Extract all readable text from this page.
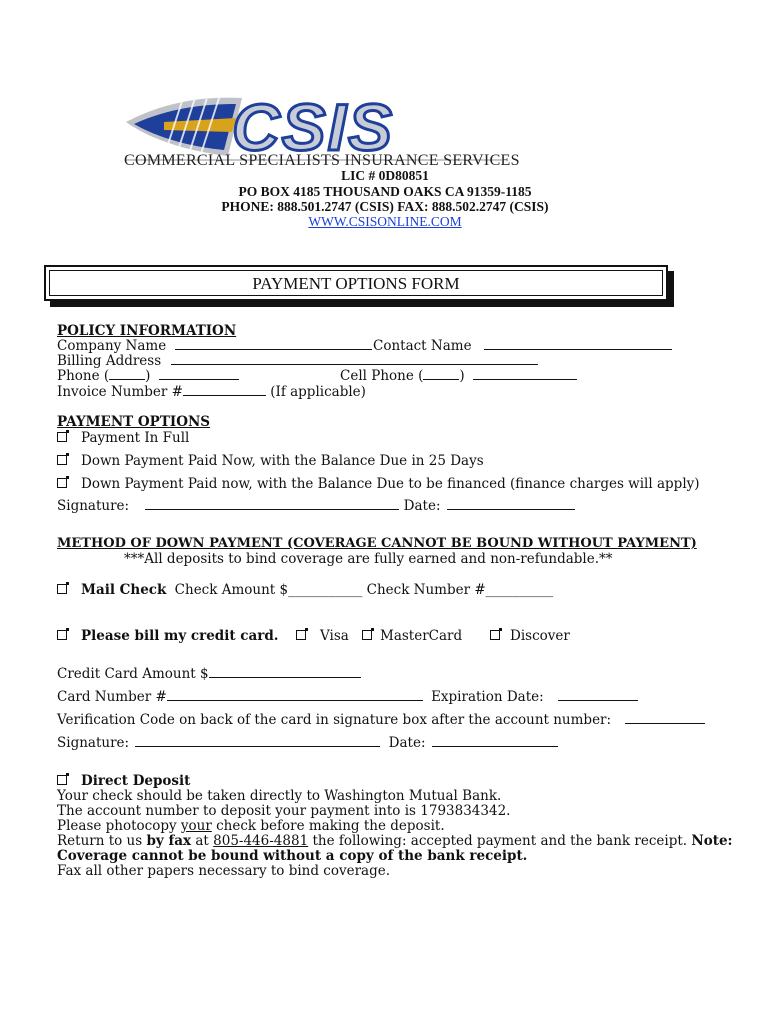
CSIS
COMMERCIAL SPECIALISTS INSURANCE SERVICES
LIC # 0D80851
PO BOX 4185 THOUSAND OAKS CA 91359-1185
PHONE: 888.501.2747 (CSIS) FAX: 888.502.2747 (CSIS)
WWW.CSISONLINE.COM
PAYMENT OPTIONS FORM
POLICY INFORMATION
Company Name	Contact Name
Billing Address
Phone (	)	Cell Phone (	)
Invoice Number #	(If applicable)
PAYMENT OPTIONS
Payment In Full
Down Payment Paid Now, with the Balance Due in 25 Days
Down Payment Paid now, with the Balance Due to be financed (finance charges will apply)
Signature:	Date:
METHOD OF DOWN PAYMENT (COVERAGE CANNOT BE BOUND WITHOUT PAYMENT)
***All deposits to bind coverage are fully earned and non-refundable.**
Mail Check Check Amount $___________ Check Number #__________
Please bill my credit card.	Visa	MasterCard	Discover
Credit Card Amount $
Card Number #	Expiration Date:
Verification Code on back of the card in signature box after the account number:
Signature:	Date:
Direct Deposit
Your check should be taken directly to Washington Mutual Bank.
The account number to deposit your payment into is 1793834342.
Please photocopy your check before making the deposit.
Return to us by fax at 805-446-4881 the following: accepted payment and the bank receipt. Note:
Coverage cannot be bound without a copy of the bank receipt.
Fax all other papers necessary to bind coverage.
